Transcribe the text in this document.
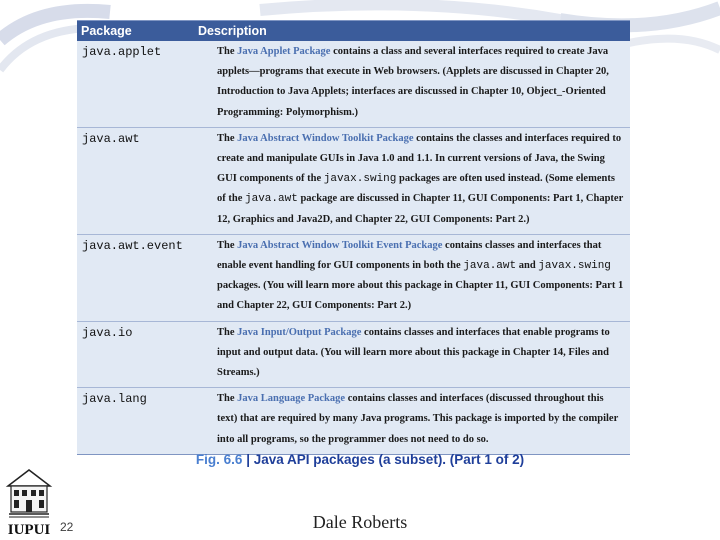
Package	Description

java.applet	The Java Applet Package contains a class and several interfaces required to create Java applets—programs that execute in Web browsers. (Applets are discussed in Chapter 20, Introduction to Java Applets; interfaces are discussed in Chapter 10, Object_-Oriented Programming: Polymorphism.)

java.awt	The Java Abstract Window Toolkit Package contains the classes and interfaces required to create and manipulate GUIs in Java 1.0 and 1.1. In current versions of Java, the Swing GUI components of the javax.swing packages are often used instead. (Some elements of the java.awt package are discussed in Chapter 11, GUI Components: Part 1, Chapter 12, Graphics and Java2D, and Chapter 22, GUI Components: Part 2.)

java.awt.event	The Java Abstract Window Toolkit Event Package contains classes and interfaces that enable event handling for GUI components in both the java.awt and javax.swing packages. (You will learn more about this package in Chapter 11, GUI Components: Part 1 and Chapter 22, GUI Components: Part 2.)

java.io	The Java Input/Output Package contains classes and interfaces that enable programs to input and output data. (You will learn more about this package in Chapter 14, Files and Streams.)

java.lang	The Java Language Package contains classes and interfaces (discussed throughout this text) that are required by many Java programs. This package is imported by the compiler into all programs, so the programmer does not need to do so.
Fig. 6.6 | Java API packages (a subset). (Part 1 of 2)
IUPUI 22	Dale Roberts
